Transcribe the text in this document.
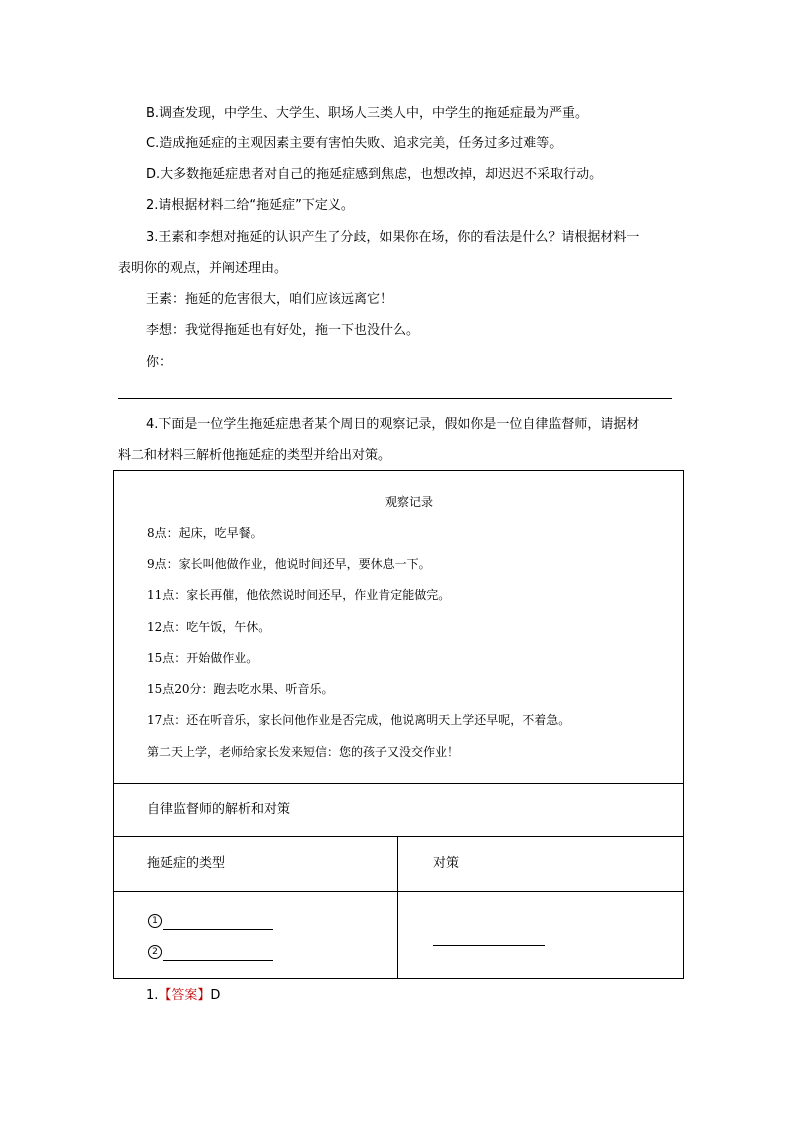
B.调查发现，中学生、大学生、职场人三类人中，中学生的拖延症最为严重。
C.造成拖延症的主观因素主要有害怕失败、追求完美，任务过多过难等。
D.大多数拖延症患者对自己的拖延症感到焦虑，也想改掉，却迟迟不采取行动。
2.请根据材料二给“拖延症”下定义。
3.王素和李想对拖延的认识产生了分歧，如果你在场，你的看法是什么？请根据材料一
表明你的观点，并阐述理由。
王素：拖延的危害很大，咱们应该远离它！
李想：我觉得拖延也有好处，拖一下也没什么。
你：
4.下面是一位学生拖延症患者某个周日的观察记录，假如你是一位自律监督师，请据材
料二和材料三解析他拖延症的类型并给出对策。
观察记录
8点：起床，吃早餐。
9点：家长叫他做作业，他说时间还早，要休息一下。
11点：家长再催，他依然说时间还早，作业肯定能做完。
12点：吃午饭，午休。
15点：开始做作业。
15点20分：跑去吃水果、听音乐。
17点：还在听音乐，家长问他作业是否完成，他说离明天上学还早呢，不着急。
第二天上学，老师给家长发来短信：您的孩子又没交作业！
自律监督师的解析和对策
拖延症的类型	对策
1
2
1.【答案】D
